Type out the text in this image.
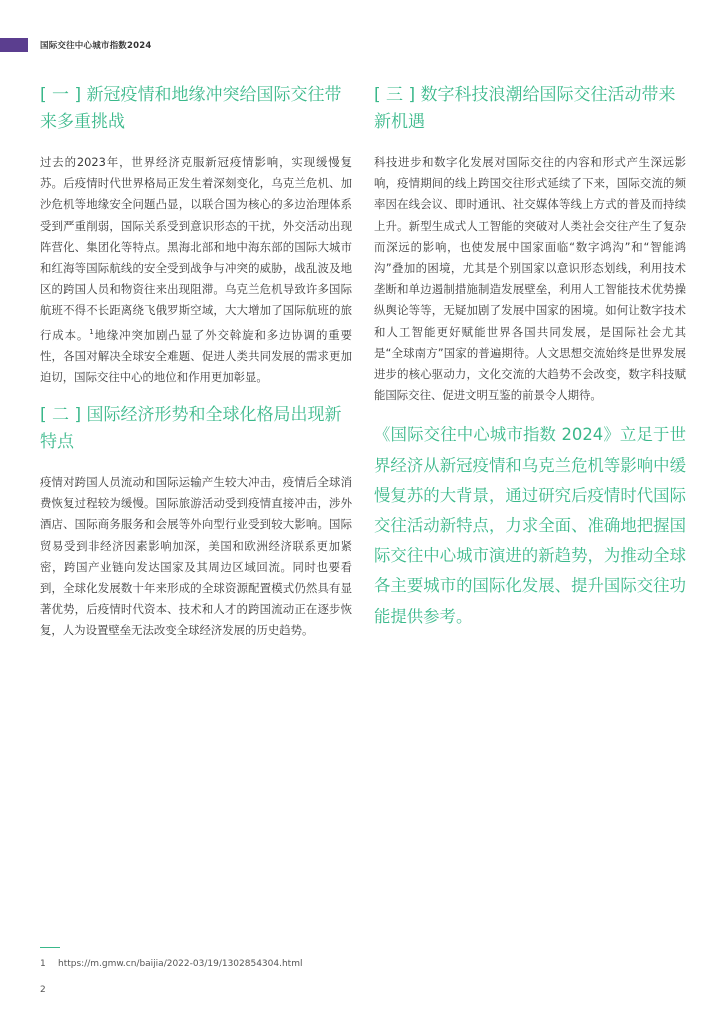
国际交往中心城市指数2024
[ 一 ] 新冠疫情和地缘冲突给国际交往带来多重挑战

过去的2023年，世界经济克服新冠疫情影响，实现缓慢复苏。后疫情时代世界格局正发生着深刻变化，乌克兰危机、加沙危机等地缘安全问题凸显，以联合国为核心的多边治理体系受到严重削弱，国际关系受到意识形态的干扰，外交活动出现阵营化、集团化等特点。黑海北部和地中海东部的国际大城市和红海等国际航线的安全受到战争与冲突的威胁，战乱波及地区的跨国人员和物资往来出现阻滞。乌克兰危机导致许多国际航班不得不长距离绕飞俄罗斯空域，大大增加了国际航班的旅行成本。$^1$地缘冲突加剧凸显了外交斡旋和多边协调的重要性，各国对解决全球安全难题、促进人类共同发展的需求更加迫切，国际交往中心的地位和作用更加彰显。

[ 二 ] 国际经济形势和全球化格局出现新特点

疫情对跨国人员流动和国际运输产生较大冲击，疫情后全球消费恢复过程较为缓慢。国际旅游活动受到疫情直接冲击，涉外酒店、国际商务服务和会展等外向型行业受到较大影响。国际贸易受到非经济因素影响加深，美国和欧洲经济联系更加紧密，跨国产业链向发达国家及其周边区域回流。同时也要看到，全球化发展数十年来形成的全球资源配置模式仍然具有显著优势，后疫情时代资本、技术和人才的跨国流动正在逐步恢复，人为设置壁垒无法改变全球经济发展的历史趋势。

[ 三 ] 数字科技浪潮给国际交往活动带来新机遇

科技进步和数字化发展对国际交往的内容和形式产生深远影响，疫情期间的线上跨国交往形式延续了下来，国际交流的频率因在线会议、即时通讯、社交媒体等线上方式的普及而持续上升。新型生成式人工智能的突破对人类社会交往产生了复杂而深远的影响，也使发展中国家面临“数字鸿沟”和“智能鸿沟”叠加的困境，尤其是个别国家以意识形态划线，利用技术垄断和单边遏制措施制造发展壁垒，利用人工智能技术优势操纵舆论等等，无疑加剧了发展中国家的困境。如何让数字技术和人工智能更好赋能世界各国共同发展，是国际社会尤其是“全球南方”国家的普遍期待。人文思想交流始终是世界发展进步的核心驱动力，文化交流的大趋势不会改变，数字科技赋能国际交往、促进文明互鉴的前景令人期待。

《国际交往中心城市指数 2024》立足于世界经济从新冠疫情和乌克兰危机等影响中缓慢复苏的大背景，通过研究后疫情时代国际交往活动新特点，力求全面、准确地把握国际交往中心城市演进的新趋势，为推动全球各主要城市的国际化发展、提升国际交往功能提供参考。

1 https://m.gmw.cn/baijia/2022-03/19/1302854304.html
2
